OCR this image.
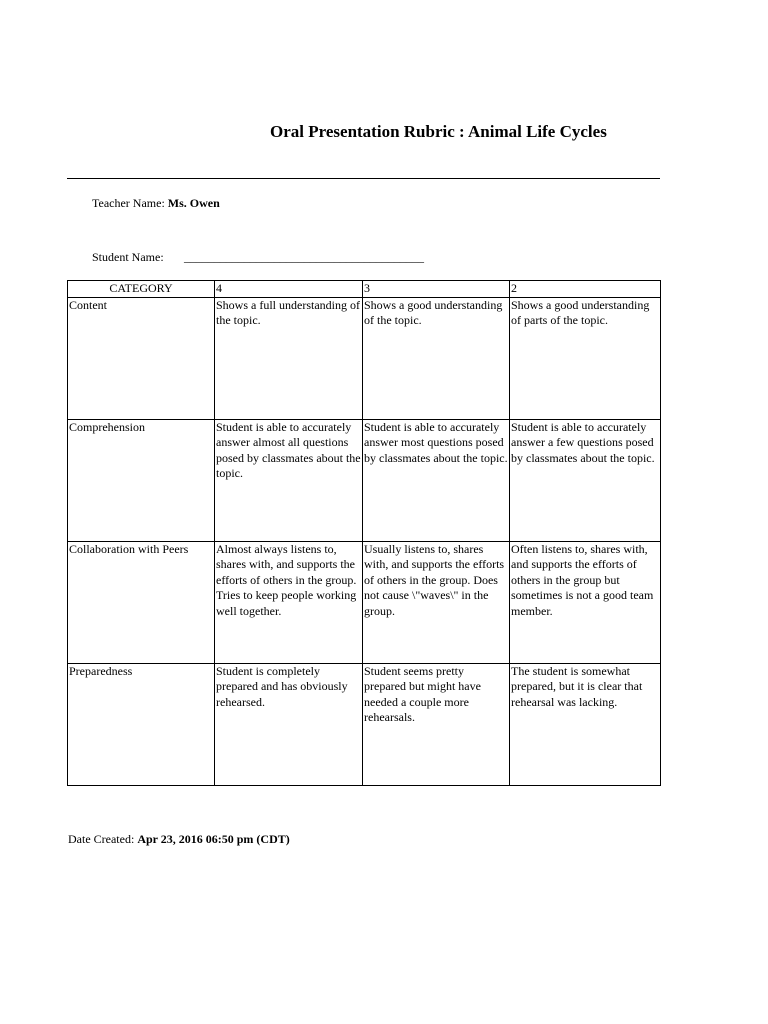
Oral Presentation Rubric : Animal Life Cycles
Teacher Name: Ms. Owen
Student Name: ________________________________________
CATEGORY	4	3	2
Content	Shows a full understanding of the topic.	Shows a good understanding of the topic.	Shows a good understanding of parts of the topic.
Comprehension	Student is able to accurately answer almost all questions posed by classmates about the topic.	Student is able to accurately answer most questions posed by classmates about the topic.	Student is able to accurately answer a few questions posed by classmates about the topic.
Collaboration with Peers	Almost always listens to, shares with, and supports the efforts of others in the group. Tries to keep people working well together.	Usually listens to, shares with, and supports the efforts of others in the group. Does not cause \"waves\" in the group.	Often listens to, shares with, and supports the efforts of others in the group but sometimes is not a good team member.
Preparedness	Student is completely prepared and has obviously rehearsed.	Student seems pretty prepared but might have needed a couple more rehearsals.	The student is somewhat prepared, but it is clear that rehearsal was lacking.
Date Created: Apr 23, 2016 06:50 pm (CDT)
